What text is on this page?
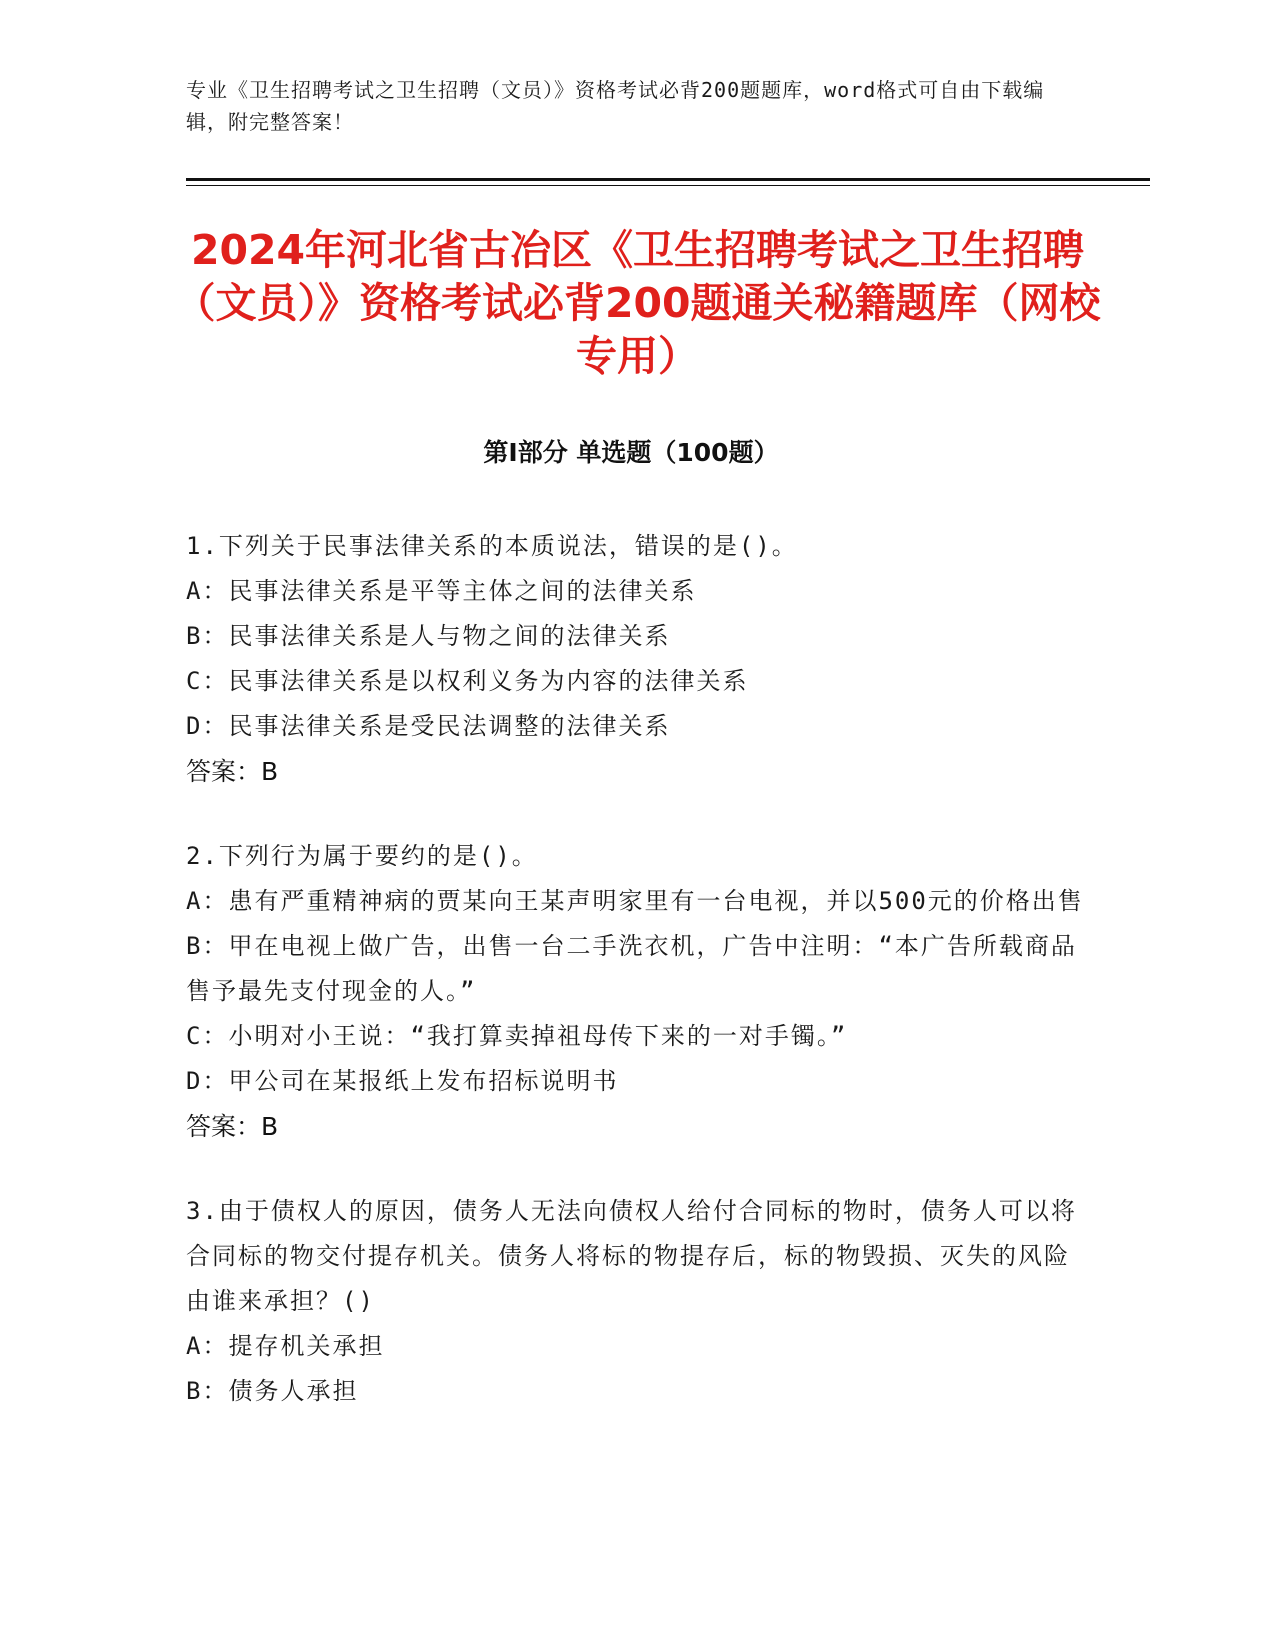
专业《卫生招聘考试之卫生招聘（文员）》资格考试必背200题题库，word格式可自由下载编辑，附完整答案！
2024年河北省古冶区《卫生招聘考试之卫生招聘（文员）》资格考试必背200题通关秘籍题库（网校专用）
第I部分 单选题（100题）
1.下列关于民事法律关系的本质说法，错误的是()。
A：民事法律关系是平等主体之间的法律关系
B：民事法律关系是人与物之间的法律关系
C：民事法律关系是以权利义务为内容的法律关系
D：民事法律关系是受民法调整的法律关系
答案：B
2.下列行为属于要约的是()。
A：患有严重精神病的贾某向王某声明家里有一台电视，并以500元的价格出售
B：甲在电视上做广告，出售一台二手洗衣机，广告中注明：“本广告所载商品售予最先支付现金的人。”
C：小明对小王说：“我打算卖掉祖母传下来的一对手镯。”
D：甲公司在某报纸上发布招标说明书
答案：B
3.由于债权人的原因，债务人无法向债权人给付合同标的物时，债务人可以将合同标的物交付提存机关。债务人将标的物提存后，标的物毁损、灭失的风险由谁来承担？()
A：提存机关承担
B：债务人承担
